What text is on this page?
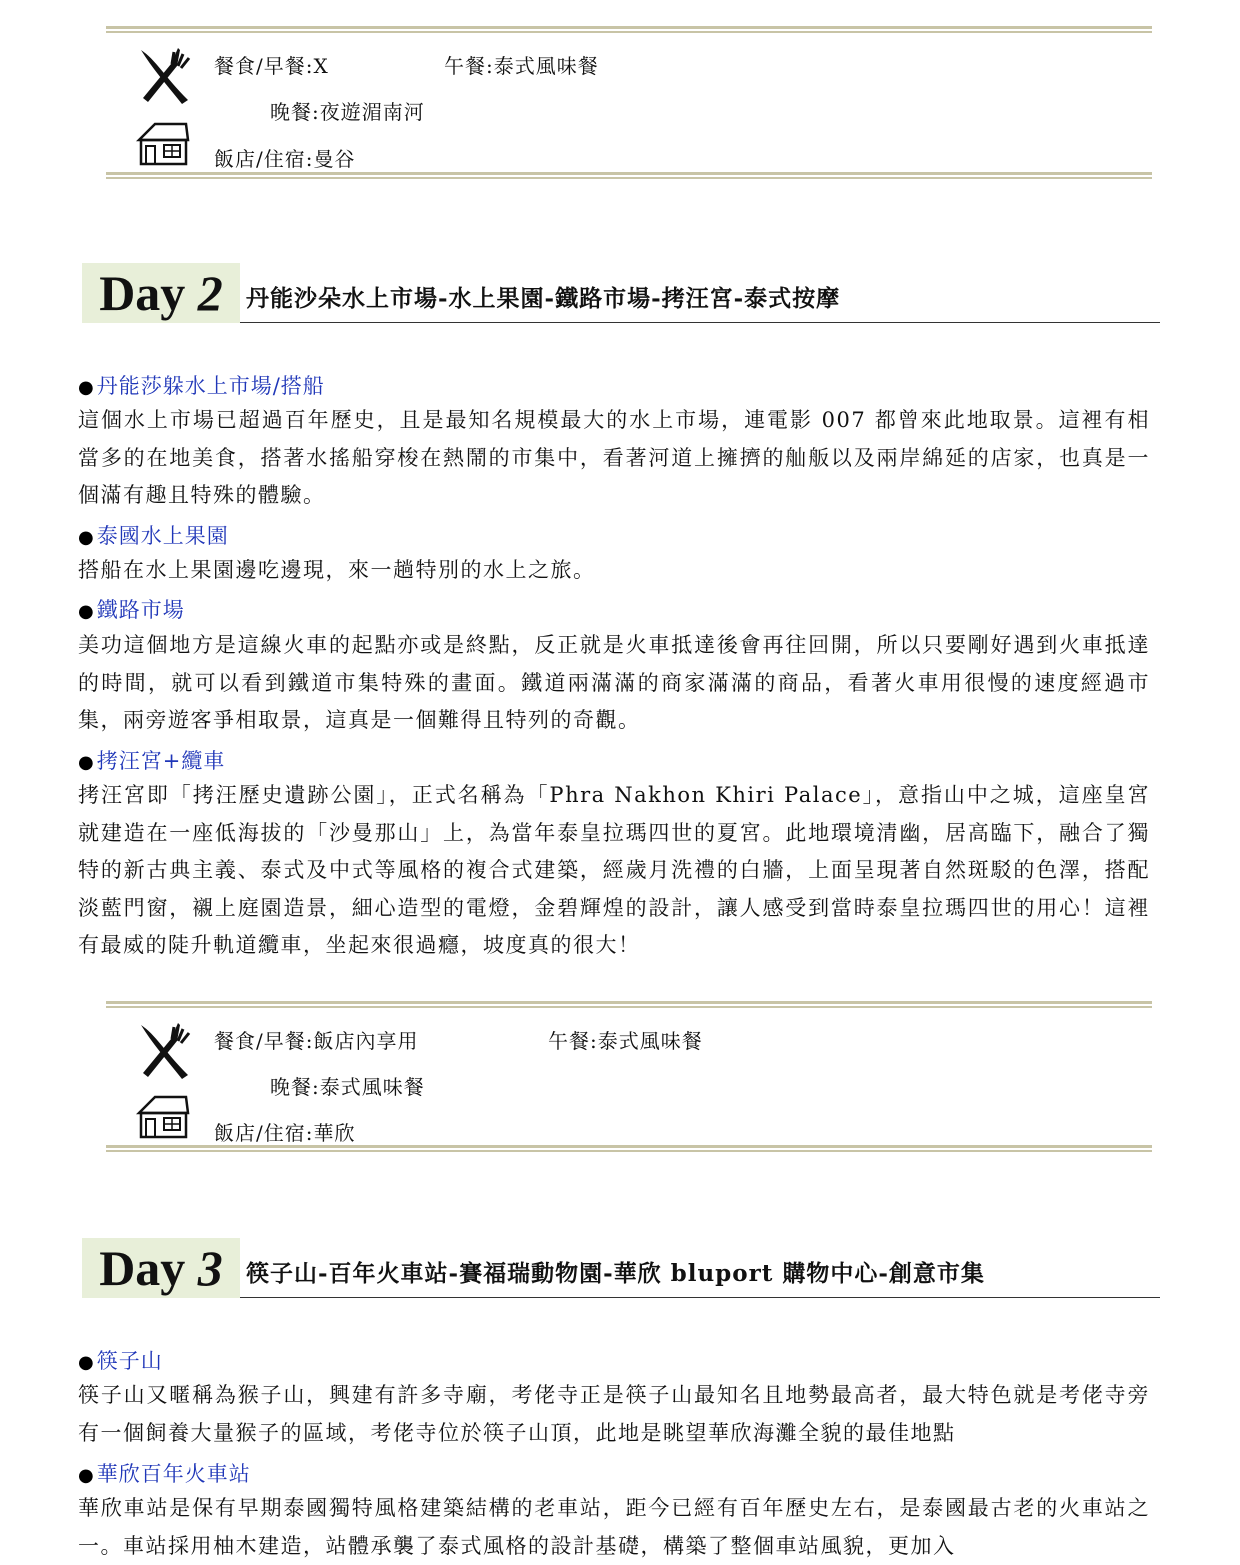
餐食/早餐:X	午餐:泰式風味餐
晚餐:夜遊湄南河
飯店/住宿:曼谷
Day 2	丹能沙朵水上市場-水上果園-鐵路市場-拷汪宮-泰式按摩
●丹能莎躲水上市場/搭船
這個水上市場已超過百年歷史，且是最知名規模最大的水上市場，連電影 007 都曾來此地取景。這裡有相當多的在地美食，搭著水搖船穿梭在熱鬧的市集中，看著河道上擁擠的舢舨以及兩岸綿延的店家，也真是一個滿有趣且特殊的體驗。
●泰國水上果園
搭船在水上果園邊吃邊現，來一趟特別的水上之旅。
●鐵路市場
美功這個地方是這線火車的起點亦或是終點，反正就是火車抵達後會再往回開，所以只要剛好遇到火車抵達的時間，就可以看到鐵道市集特殊的畫面。鐵道兩滿滿的商家滿滿的商品，看著火車用很慢的速度經過市集，兩旁遊客爭相取景，這真是一個難得且特列的奇觀。
●拷汪宮+纜車
拷汪宮即「拷汪歷史遺跡公園」，正式名稱為「Phra Nakhon Khiri Palace」，意指山中之城，這座皇宮就建造在一座低海拔的「沙曼那山」上，為當年泰皇拉瑪四世的夏宮。此地環境清幽，居高臨下，融合了獨特的新古典主義、泰式及中式等風格的複合式建築，經歲月洗禮的白牆，上面呈現著自然斑駁的色澤，搭配淡藍門窗，襯上庭園造景，細心造型的電燈，金碧輝煌的設計，讓人感受到當時泰皇拉瑪四世的用心！這裡有最威的陡升軌道纜車，坐起來很過癮，坡度真的很大！
餐食/早餐:飯店內享用	午餐:泰式風味餐
晚餐:泰式風味餐
飯店/住宿:華欣
Day 3	筷子山-百年火車站-賽福瑞動物園-華欣 bluport 購物中心-創意市集
●筷子山
筷子山又暱稱為猴子山，興建有許多寺廟，考佬寺正是筷子山最知名且地勢最高者，最大特色就是考佬寺旁有一個飼養大量猴子的區域，考佬寺位於筷子山頂，此地是眺望華欣海灘全貌的最佳地點
●華欣百年火車站
華欣車站是保有早期泰國獨特風格建築結構的老車站，距今已經有百年歷史左右，是泰國最古老的火車站之一。車站採用柚木建造，站體承襲了泰式風格的設計基礎，構築了整個車站風貌，更加入
